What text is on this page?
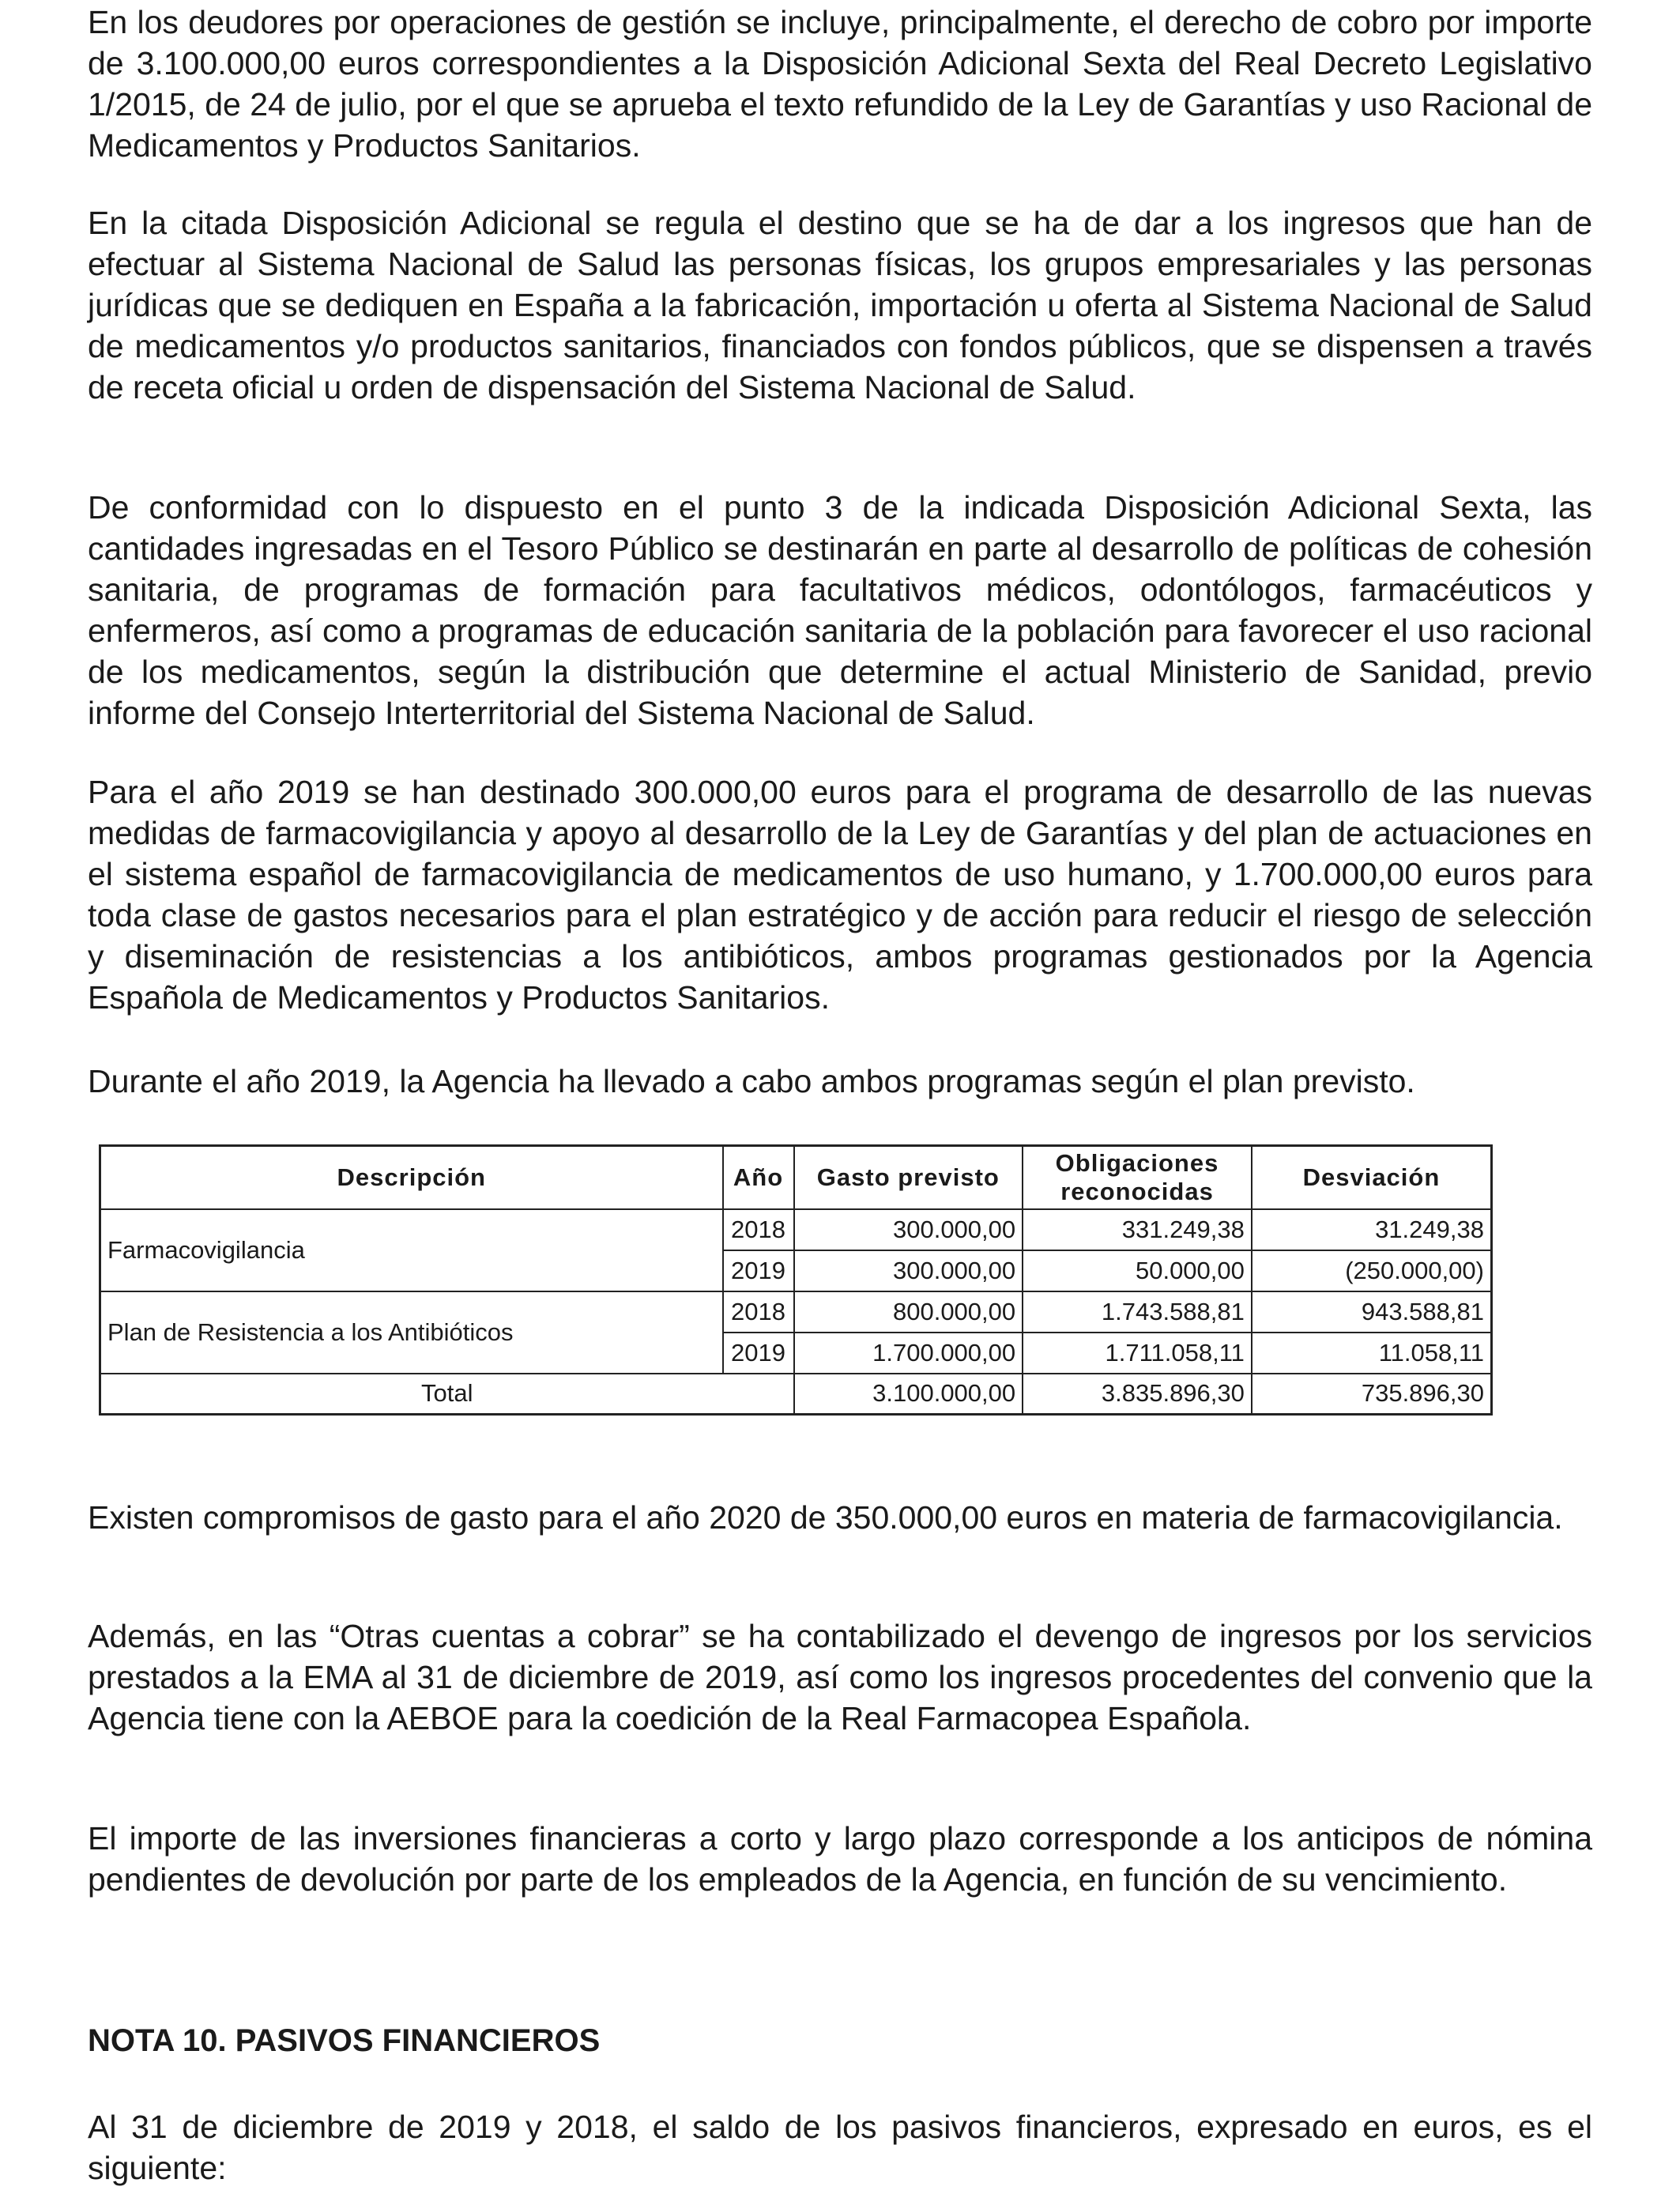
En los deudores por operaciones de gestión se incluye, principalmente, el derecho de cobro por importe de 3.100.000,00 euros correspondientes a la Disposición Adicional Sexta del Real Decreto Legislativo 1/2015, de 24 de julio, por el que se aprueba el texto refundido de la Ley de Garantías y uso Racional de Medicamentos y Productos Sanitarios.

En la citada Disposición Adicional se regula el destino que se ha de dar a los ingresos que han de efectuar al Sistema Nacional de Salud las personas físicas, los grupos empresariales y las personas jurídicas que se dediquen en España a la fabricación, importación u oferta al Sistema Nacional de Salud de medicamentos y/o productos sanitarios, financiados con fondos públicos, que se dispensen a través de receta oficial u orden de dispensación del Sistema Nacional de Salud.

De conformidad con lo dispuesto en el punto 3 de la indicada Disposición Adicional Sexta, las cantidades ingresadas en el Tesoro Público se destinarán en parte al desarrollo de políticas de cohesión sanitaria, de programas de formación para facultativos médicos, odontólogos, farmacéuticos y enfermeros, así como a programas de educación sanitaria de la población para favorecer el uso racional de los medicamentos, según la distribución que determine el actual Ministerio de Sanidad, previo informe del Consejo Interterritorial del Sistema Nacional de Salud.

Para el año 2019 se han destinado 300.000,00 euros para el programa de desarrollo de las nuevas medidas de farmacovigilancia y apoyo al desarrollo de la Ley de Garantías y del plan de actuaciones en el sistema español de farmacovigilancia de medicamentos de uso humano, y 1.700.000,00 euros para toda clase de gastos necesarios para el plan estratégico y de acción para reducir el riesgo de selección y diseminación de resistencias a los antibióticos, ambos programas gestionados por la Agencia Española de Medicamentos y Productos Sanitarios.

Durante el año 2019, la Agencia ha llevado a cabo ambos programas según el plan previsto.

Descripción	Año	Gasto previsto	Obligaciones reconocidas	Desviación
Farmacovigilancia	2018	300.000,00	331.249,38	31.249,38
	2019	300.000,00	50.000,00	(250.000,00)
Plan de Resistencia a los Antibióticos	2018	800.000,00	1.743.588,81	943.588,81
	2019	1.700.000,00	1.711.058,11	11.058,11
Total		3.100.000,00	3.835.896,30	735.896,30

Existen compromisos de gasto para el año 2020 de 350.000,00 euros en materia de farmacovigilancia.

Además, en las “Otras cuentas a cobrar” se ha contabilizado el devengo de ingresos por los servicios prestados a la EMA al 31 de diciembre de 2019, así como los ingresos procedentes del convenio que la Agencia tiene con la AEBOE para la coedición de la Real Farmacopea Española.

El importe de las inversiones financieras a corto y largo plazo corresponde a los anticipos de nómina pendientes de devolución por parte de los empleados de la Agencia, en función de su vencimiento.

NOTA 10. PASIVOS FINANCIEROS

Al 31 de diciembre de 2019 y 2018, el saldo de los pasivos financieros, expresado en euros, es el siguiente:
